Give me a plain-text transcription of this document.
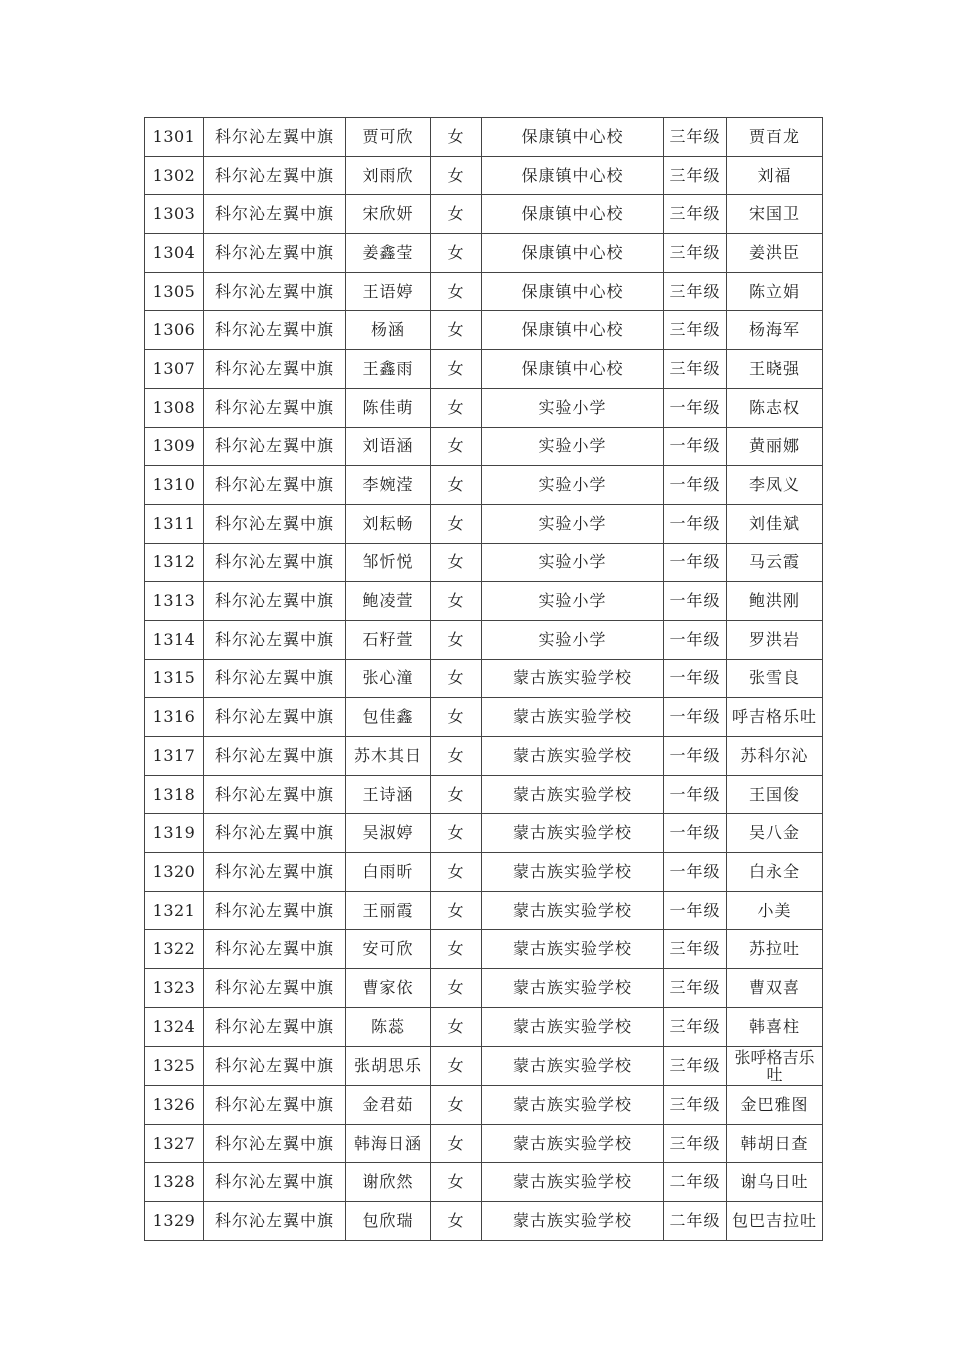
1301	科尔沁左翼中旗	贾可欣	女	保康镇中心校	三年级	贾百龙
1302	科尔沁左翼中旗	刘雨欣	女	保康镇中心校	三年级	刘福
1303	科尔沁左翼中旗	宋欣妍	女	保康镇中心校	三年级	宋国卫
1304	科尔沁左翼中旗	姜鑫莹	女	保康镇中心校	三年级	姜洪臣
1305	科尔沁左翼中旗	王语婷	女	保康镇中心校	三年级	陈立娟
1306	科尔沁左翼中旗	杨涵	女	保康镇中心校	三年级	杨海军
1307	科尔沁左翼中旗	王鑫雨	女	保康镇中心校	三年级	王晓强
1308	科尔沁左翼中旗	陈佳萌	女	实验小学	一年级	陈志权
1309	科尔沁左翼中旗	刘语涵	女	实验小学	一年级	黄丽娜
1310	科尔沁左翼中旗	李婉滢	女	实验小学	一年级	李凤义
1311	科尔沁左翼中旗	刘耘畅	女	实验小学	一年级	刘佳斌
1312	科尔沁左翼中旗	邹忻悦	女	实验小学	一年级	马云霞
1313	科尔沁左翼中旗	鲍凌萱	女	实验小学	一年级	鲍洪刚
1314	科尔沁左翼中旗	石籽萱	女	实验小学	一年级	罗洪岩
1315	科尔沁左翼中旗	张心潼	女	蒙古族实验学校	一年级	张雪良
1316	科尔沁左翼中旗	包佳鑫	女	蒙古族实验学校	一年级	呼吉格乐吐
1317	科尔沁左翼中旗	苏木其日	女	蒙古族实验学校	一年级	苏科尔沁
1318	科尔沁左翼中旗	王诗涵	女	蒙古族实验学校	一年级	王国俊
1319	科尔沁左翼中旗	吴淑婷	女	蒙古族实验学校	一年级	吴八金
1320	科尔沁左翼中旗	白雨昕	女	蒙古族实验学校	一年级	白永全
1321	科尔沁左翼中旗	王丽霞	女	蒙古族实验学校	一年级	小美
1322	科尔沁左翼中旗	安可欣	女	蒙古族实验学校	三年级	苏拉吐
1323	科尔沁左翼中旗	曹家依	女	蒙古族实验学校	三年级	曹双喜
1324	科尔沁左翼中旗	陈蕊	女	蒙古族实验学校	三年级	韩喜柱
1325	科尔沁左翼中旗	张胡思乐	女	蒙古族实验学校	三年级	张呼格吉乐吐
1326	科尔沁左翼中旗	金君茹	女	蒙古族实验学校	三年级	金巴雅图
1327	科尔沁左翼中旗	韩海日涵	女	蒙古族实验学校	三年级	韩胡日查
1328	科尔沁左翼中旗	谢欣然	女	蒙古族实验学校	二年级	谢乌日吐
1329	科尔沁左翼中旗	包欣瑞	女	蒙古族实验学校	二年级	包巴吉拉吐
